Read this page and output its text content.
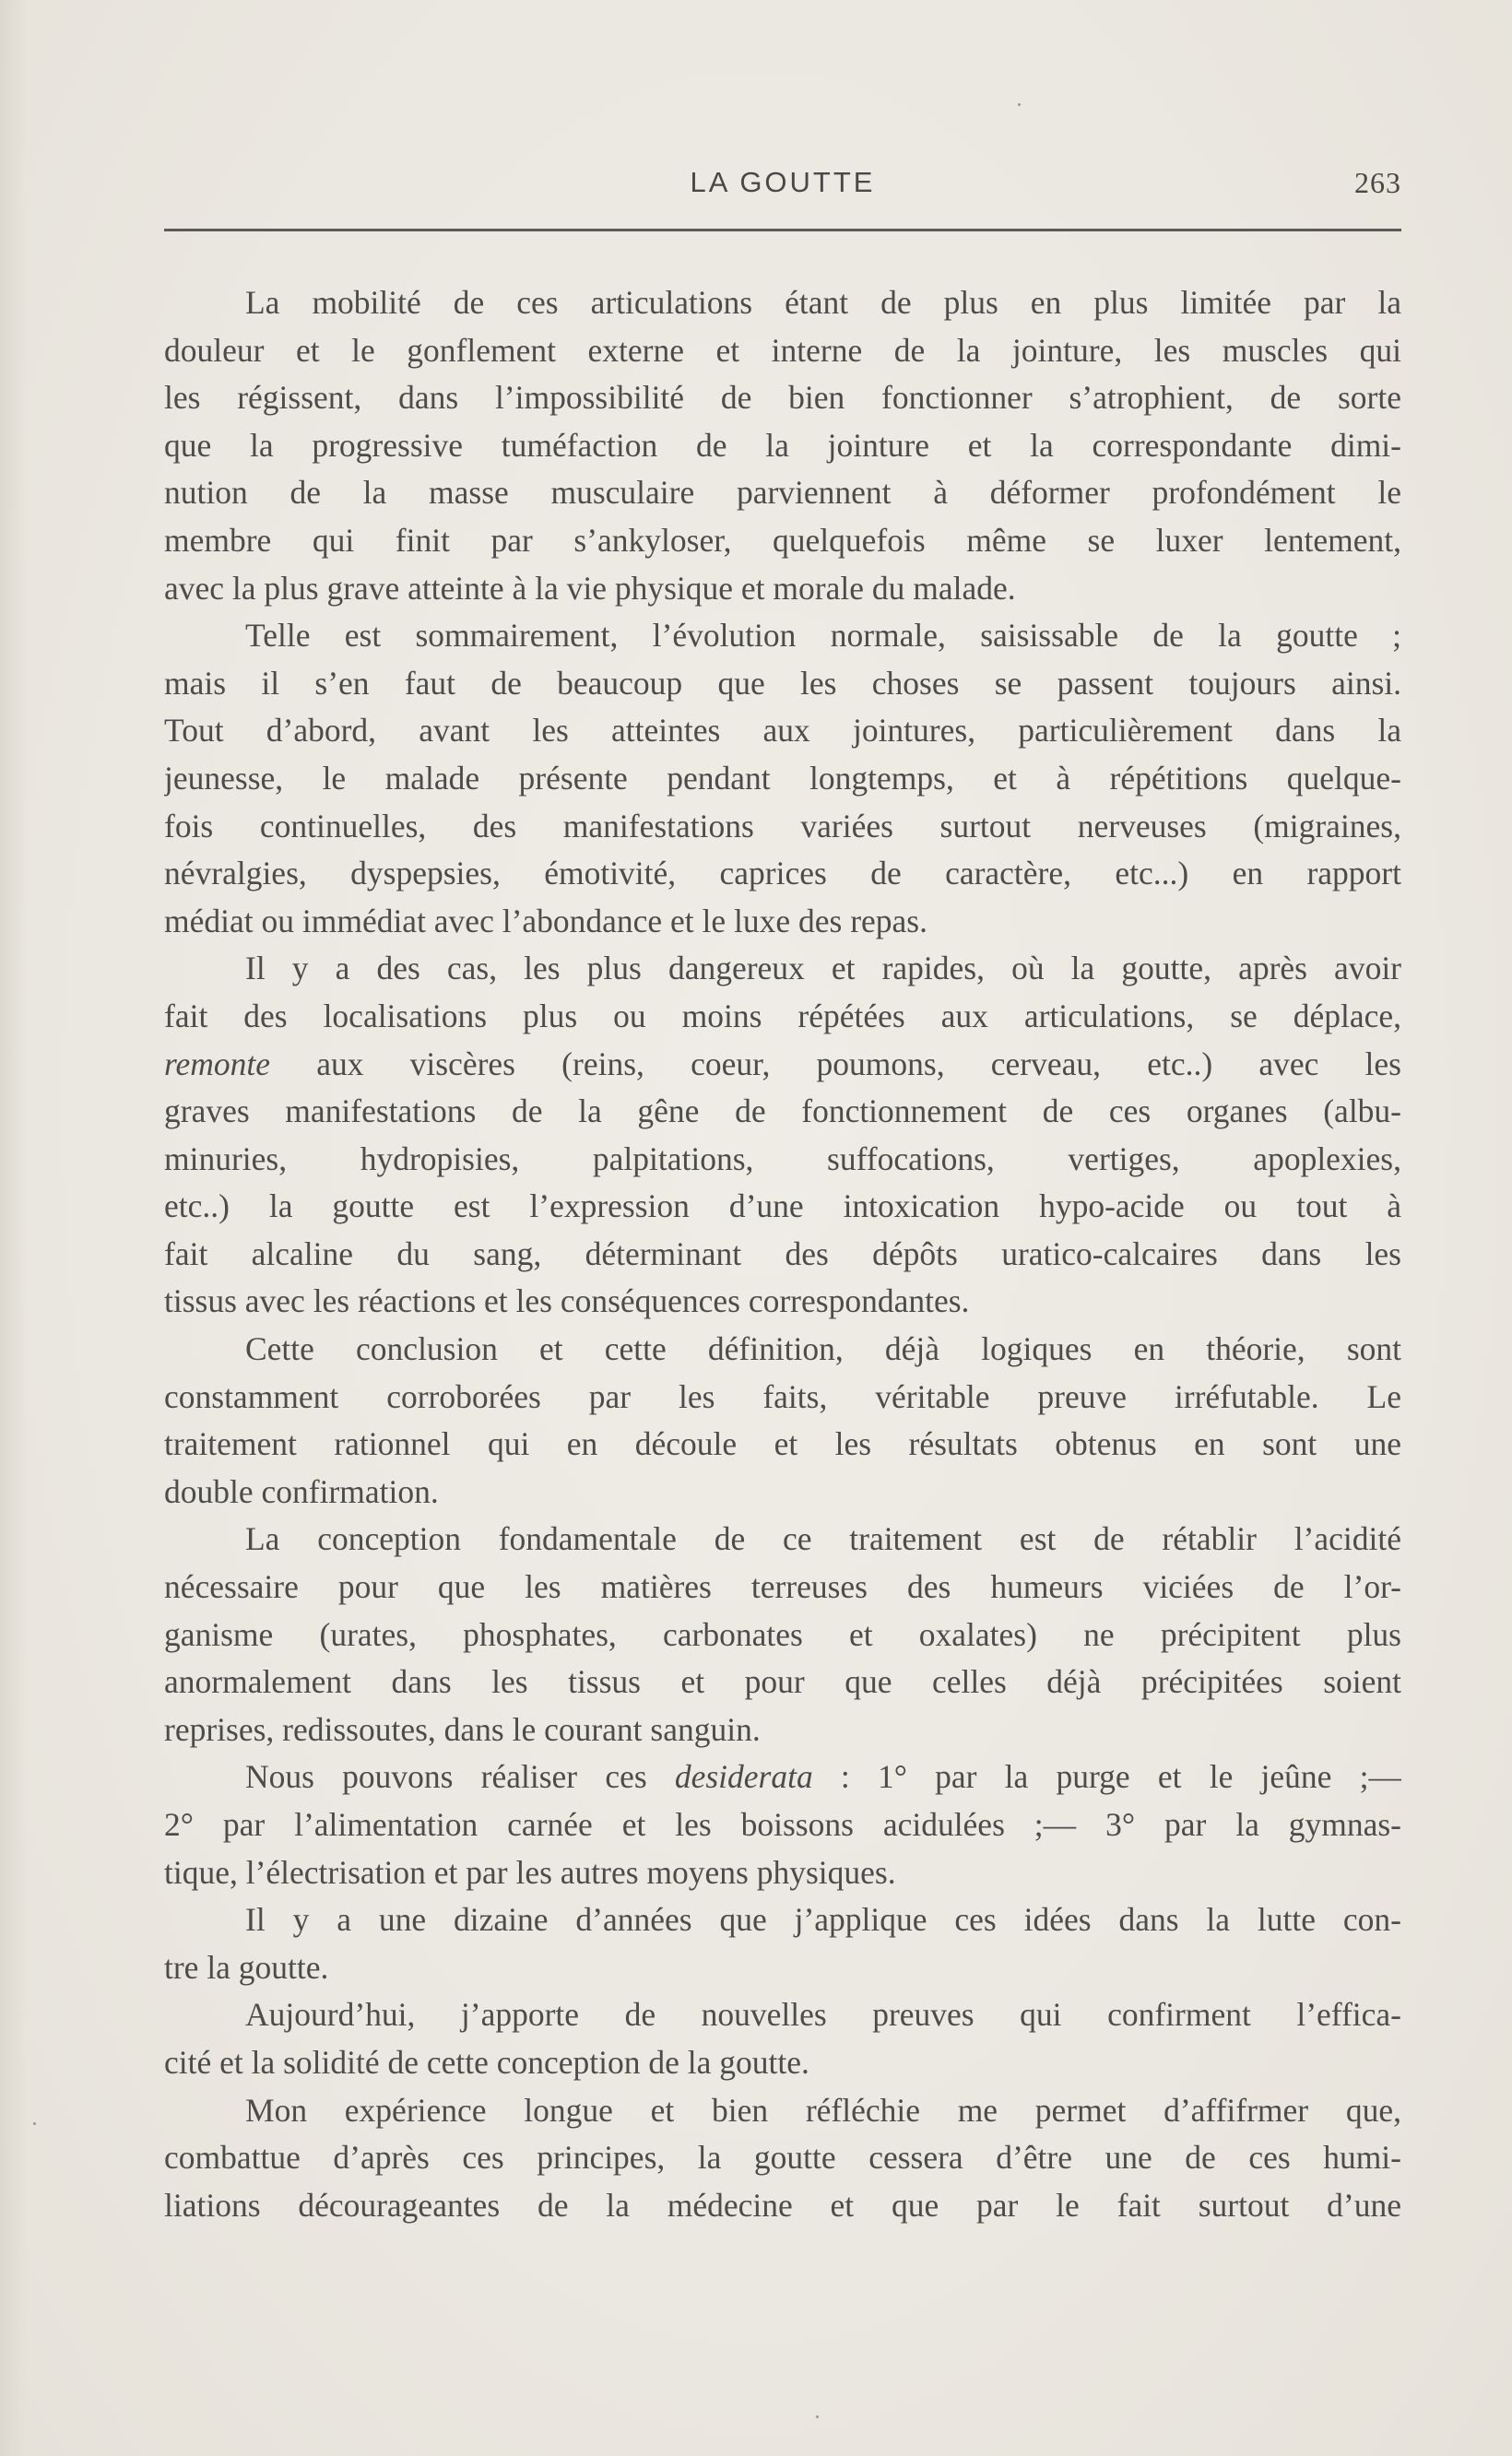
LA GOUTTE	263
La mobilité de ces articulations étant de plus en plus limitée par la
douleur et le gonflement externe et interne de la jointure, les muscles qui
les régissent, dans l’impossibilité de bien fonctionner s’atrophient, de sorte
que la progressive tuméfaction de la jointure et la correspondante dimi-
nution de la masse musculaire parviennent à déformer profondément le
membre qui finit par s’ankyloser, quelquefois même se luxer lentement,
avec la plus grave atteinte à la vie physique et morale du malade.
Telle est sommairement, l’évolution normale, saisissable de la goutte ;
mais il s’en faut de beaucoup que les choses se passent toujours ainsi.
Tout d’abord, avant les atteintes aux jointures, particulièrement dans la
jeunesse, le malade présente pendant longtemps, et à répétitions quelque-
fois continuelles, des manifestations variées surtout nerveuses (migraines,
névralgies, dyspepsies, émotivité, caprices de caractère, etc...) en rapport
médiat ou immédiat avec l’abondance et le luxe des repas.
Il y a des cas, les plus dangereux et rapides, où la goutte, après avoir
fait des localisations plus ou moins répétées aux articulations, se déplace,
remonte aux viscères (reins, coeur, poumons, cerveau, etc..) avec les
graves manifestations de la gêne de fonctionnement de ces organes (albu-
minuries, hydropisies, palpitations, suffocations, vertiges, apoplexies,
etc..) la goutte est l’expression d’une intoxication hypo-acide ou tout à
fait alcaline du sang, déterminant des dépôts uratico-calcaires dans les
tissus avec les réactions et les conséquences correspondantes.
Cette conclusion et cette définition, déjà logiques en théorie, sont
constamment corroborées par les faits, véritable preuve irréfutable. Le
traitement rationnel qui en découle et les résultats obtenus en sont une
double confirmation.
La conception fondamentale de ce traitement est de rétablir l’acidité
nécessaire pour que les matières terreuses des humeurs viciées de l’or-
ganisme (urates, phosphates, carbonates et oxalates) ne précipitent plus
anormalement dans les tissus et pour que celles déjà précipitées soient
reprises, redissoutes, dans le courant sanguin.
Nous pouvons réaliser ces desiderata : 1° par la purge et le jeûne ;—
2° par l’alimentation carnée et les boissons acidulées ;— 3° par la gymnas-
tique, l’électrisation et par les autres moyens physiques.
Il y a une dizaine d’années que j’applique ces idées dans la lutte con-
tre la goutte.
Aujourd’hui, j’apporte de nouvelles preuves qui confirment l’effica-
cité et la solidité de cette conception de la goutte.
Mon expérience longue et bien réfléchie me permet d’affifrmer que,
combattue d’après ces principes, la goutte cessera d’être une de ces humi-
liations décourageantes de la médecine et que par le fait surtout d’une
